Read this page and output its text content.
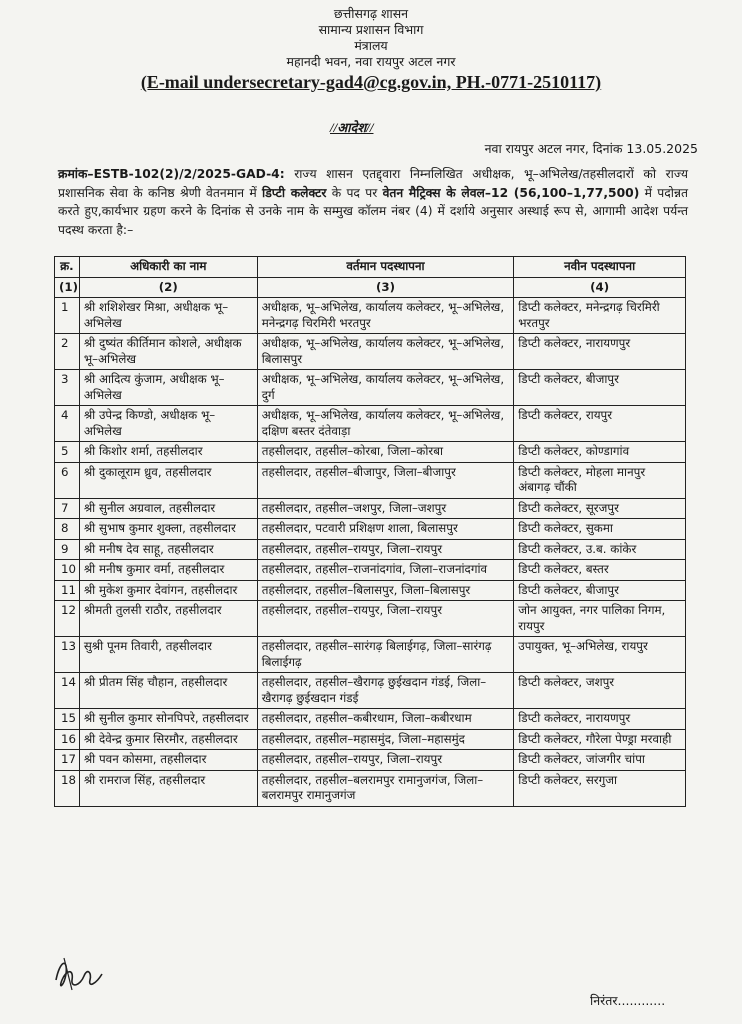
छत्तीसगढ़ शासन
सामान्य प्रशासन विभाग
मंत्रालय
महानदी भवन, नवा रायपुर अटल नगर
(E-mail undersecretary-gad4@cg.gov.in, PH.-0771-2510117)
//आदेश//
नवा रायपुर अटल नगर, दिनांक 13.05.2025
क्रमांक–ESTB-102(2)/2/2025-GAD-4: राज्य शासन एतद्द्वारा निम्नलिखित अधीक्षक, भू–अभिलेख/तहसीलदारों को राज्य प्रशासनिक सेवा के कनिष्ठ श्रेणी वेतनमान में डिप्टी कलेक्टर के पद पर वेतन मैट्रिक्स के लेवल–12 (56,100–1,77,500) में पदोन्नत करते हुए,कार्यभार ग्रहण करने के दिनांक से उनके नाम के सम्मुख कॉलम नंबर (4) में दर्शाये अनुसार अस्थाई रूप से, आगामी आदेश पर्यन्त पदस्थ करता है:–
क्र.	अधिकारी का नाम	वर्तमान पदस्थापना	नवीन पदस्थापना
(1)	(2)	(3)	(4)
1	श्री शशिशेखर मिश्रा, अधीक्षक भू–अभिलेख	अधीक्षक, भू–अभिलेख, कार्यालय कलेक्टर, भू–अभिलेख, मनेन्द्रगढ़ चिरमिरी भरतपुर	डिप्टी कलेक्टर, मनेन्द्रगढ़ चिरमिरी भरतपुर
2	श्री दुष्यंत कीर्तिमान कोशले, अधीक्षक भू–अभिलेख	अधीक्षक, भू–अभिलेख, कार्यालय कलेक्टर, भू–अभिलेख, बिलासपुर	डिप्टी कलेक्टर, नारायणपुर
3	श्री आदित्य कुंजाम, अधीक्षक भू–अभिलेख	अधीक्षक, भू–अभिलेख, कार्यालय कलेक्टर, भू–अभिलेख, दुर्ग	डिप्टी कलेक्टर, बीजापुर
4	श्री उपेन्द्र किण्डो, अधीक्षक भू–अभिलेख	अधीक्षक, भू–अभिलेख, कार्यालय कलेक्टर, भू–अभिलेख, दक्षिण बस्तर दंतेवाड़ा	डिप्टी कलेक्टर, रायपुर
5	श्री किशोर शर्मा, तहसीलदार	तहसीलदार, तहसील–कोरबा, जिला–कोरबा	डिप्टी कलेक्टर, कोण्डागांव
6	श्री दुकालूराम ध्रुव, तहसीलदार	तहसीलदार, तहसील–बीजापुर, जिला–बीजापुर	डिप्टी कलेक्टर, मोहला मानपुर अंबागढ़ चौंकी
7	श्री सुनील अग्रवाल, तहसीलदार	तहसीलदार, तहसील–जशपुर, जिला–जशपुर	डिप्टी कलेक्टर, सूरजपुर
8	श्री सुभाष कुमार शुक्ला, तहसीलदार	तहसीलदार, पटवारी प्रशिक्षण शाला, बिलासपुर	डिप्टी कलेक्टर, सुकमा
9	श्री मनीष देव साहू, तहसीलदार	तहसीलदार, तहसील–रायपुर, जिला–रायपुर	डिप्टी कलेक्टर, उ.ब. कांकेर
10	श्री मनीष कुमार वर्मा, तहसीलदार	तहसीलदार, तहसील–राजनांदगांव, जिला–राजनांदगांव	डिप्टी कलेक्टर, बस्तर
11	श्री मुकेश कुमार देवांगन, तहसीलदार	तहसीलदार, तहसील–बिलासपुर, जिला–बिलासपुर	डिप्टी कलेक्टर, बीजापुर
12	श्रीमती तुलसी राठौर, तहसीलदार	तहसीलदार, तहसील–रायपुर, जिला–रायपुर	जोन आयुक्त, नगर पालिका निगम, रायपुर
13	सुश्री पूनम तिवारी, तहसीलदार	तहसीलदार, तहसील–सारंगढ़ बिलाईगढ़, जिला–सारंगढ़ बिलाईगढ़	उपायुक्त, भू–अभिलेख, रायपुर
14	श्री प्रीतम सिंह चौहान, तहसीलदार	तहसीलदार, तहसील–खैरागढ़ छुईखदान गंडई, जिला–खैरागढ़ छुईखदान गंडई	डिप्टी कलेक्टर, जशपुर
15	श्री सुनील कुमार सोनपिपरे, तहसीलदार	तहसीलदार, तहसील–कबीरधाम, जिला–कबीरधाम	डिप्टी कलेक्टर, नारायणपुर
16	श्री देवेन्द्र कुमार सिरमौर, तहसीलदार	तहसीलदार, तहसील–महासमुंद, जिला–महासमुंद	डिप्टी कलेक्टर, गौरेला पेण्ड्रा मरवाही
17	श्री पवन कोसमा, तहसीलदार	तहसीलदार, तहसील–रायपुर, जिला–रायपुर	डिप्टी कलेक्टर, जांजगीर चांपा
18	श्री रामराज सिंह, तहसीलदार	तहसीलदार, तहसील–बलरामपुर रामानुजगंज, जिला–बलरामपुर रामानुजगंज	डिप्टी कलेक्टर, सरगुजा
निरंतर............
